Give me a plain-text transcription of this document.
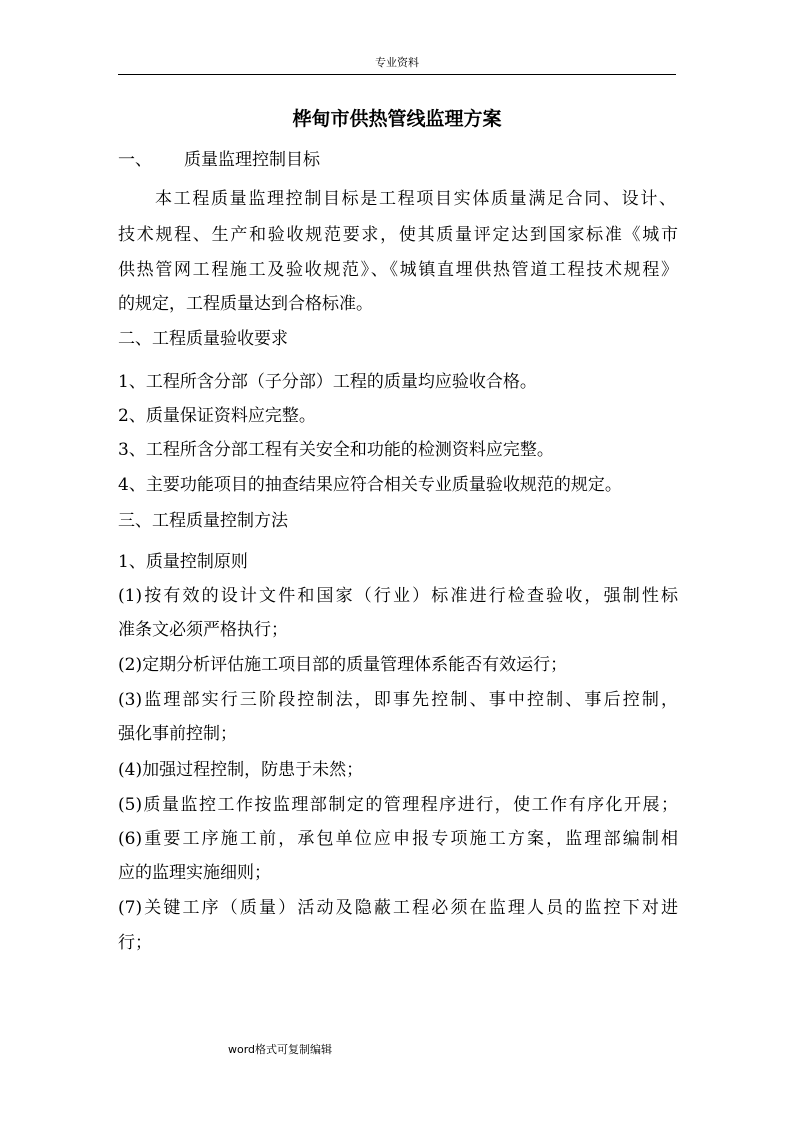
专业资料
桦甸市供热管线监理方案
一、 质量监理控制目标
本工程质量监理控制目标是工程项目实体质量满足合同、设计、
技术规程、生产和验收规范要求，使其质量评定达到国家标准《城市
供热管网工程施工及验收规范》、《城镇直埋供热管道工程技术规程》
的规定，工程质量达到合格标准。
二、工程质量验收要求
1、工程所含分部（子分部）工程的质量均应验收合格。
2、质量保证资料应完整。
3、工程所含分部工程有关安全和功能的检测资料应完整。
4、主要功能项目的抽查结果应符合相关专业质量验收规范的规定。
三、工程质量控制方法
1、质量控制原则
(1)按有效的设计文件和国家（行业）标准进行检查验收，强制性标
准条文必须严格执行；
(2)定期分析评估施工项目部的质量管理体系能否有效运行；
(3)监理部实行三阶段控制法，即事先控制、事中控制、事后控制，
强化事前控制；
(4)加强过程控制，防患于未然；
(5)质量监控工作按监理部制定的管理程序进行，使工作有序化开展；
(6)重要工序施工前，承包单位应申报专项施工方案，监理部编制相
应的监理实施细则；
(7)关键工序（质量）活动及隐蔽工程必须在监理人员的监控下对进
行；
word格式可复制编辑
